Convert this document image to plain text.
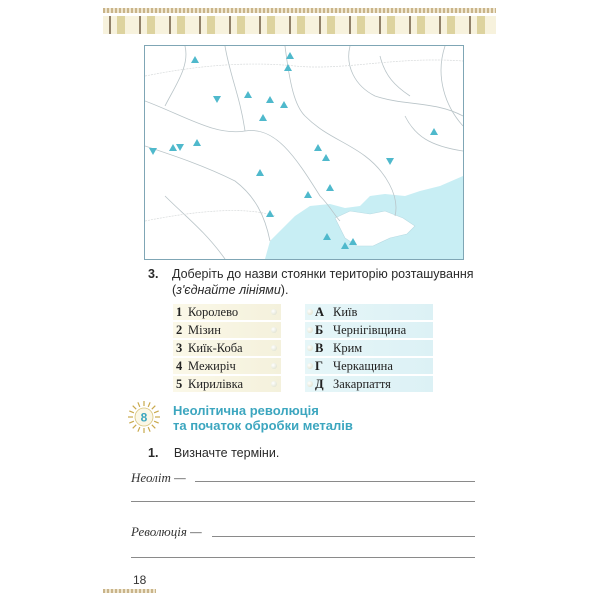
3. Доберіть до назви стоянки територію розташування
(з'єднайте лініями).
1 Королево
2 Мізин
3 Киїк-Коба
4 Межиріч
5 Кирилівка
А Київ
Б Чернігівщина
В Крим
Г Черкащина
Д Закарпаття
8 Неолітична революція
та початок обробки металів
1. Визначте терміни.
Неоліт —
Революція —
18
